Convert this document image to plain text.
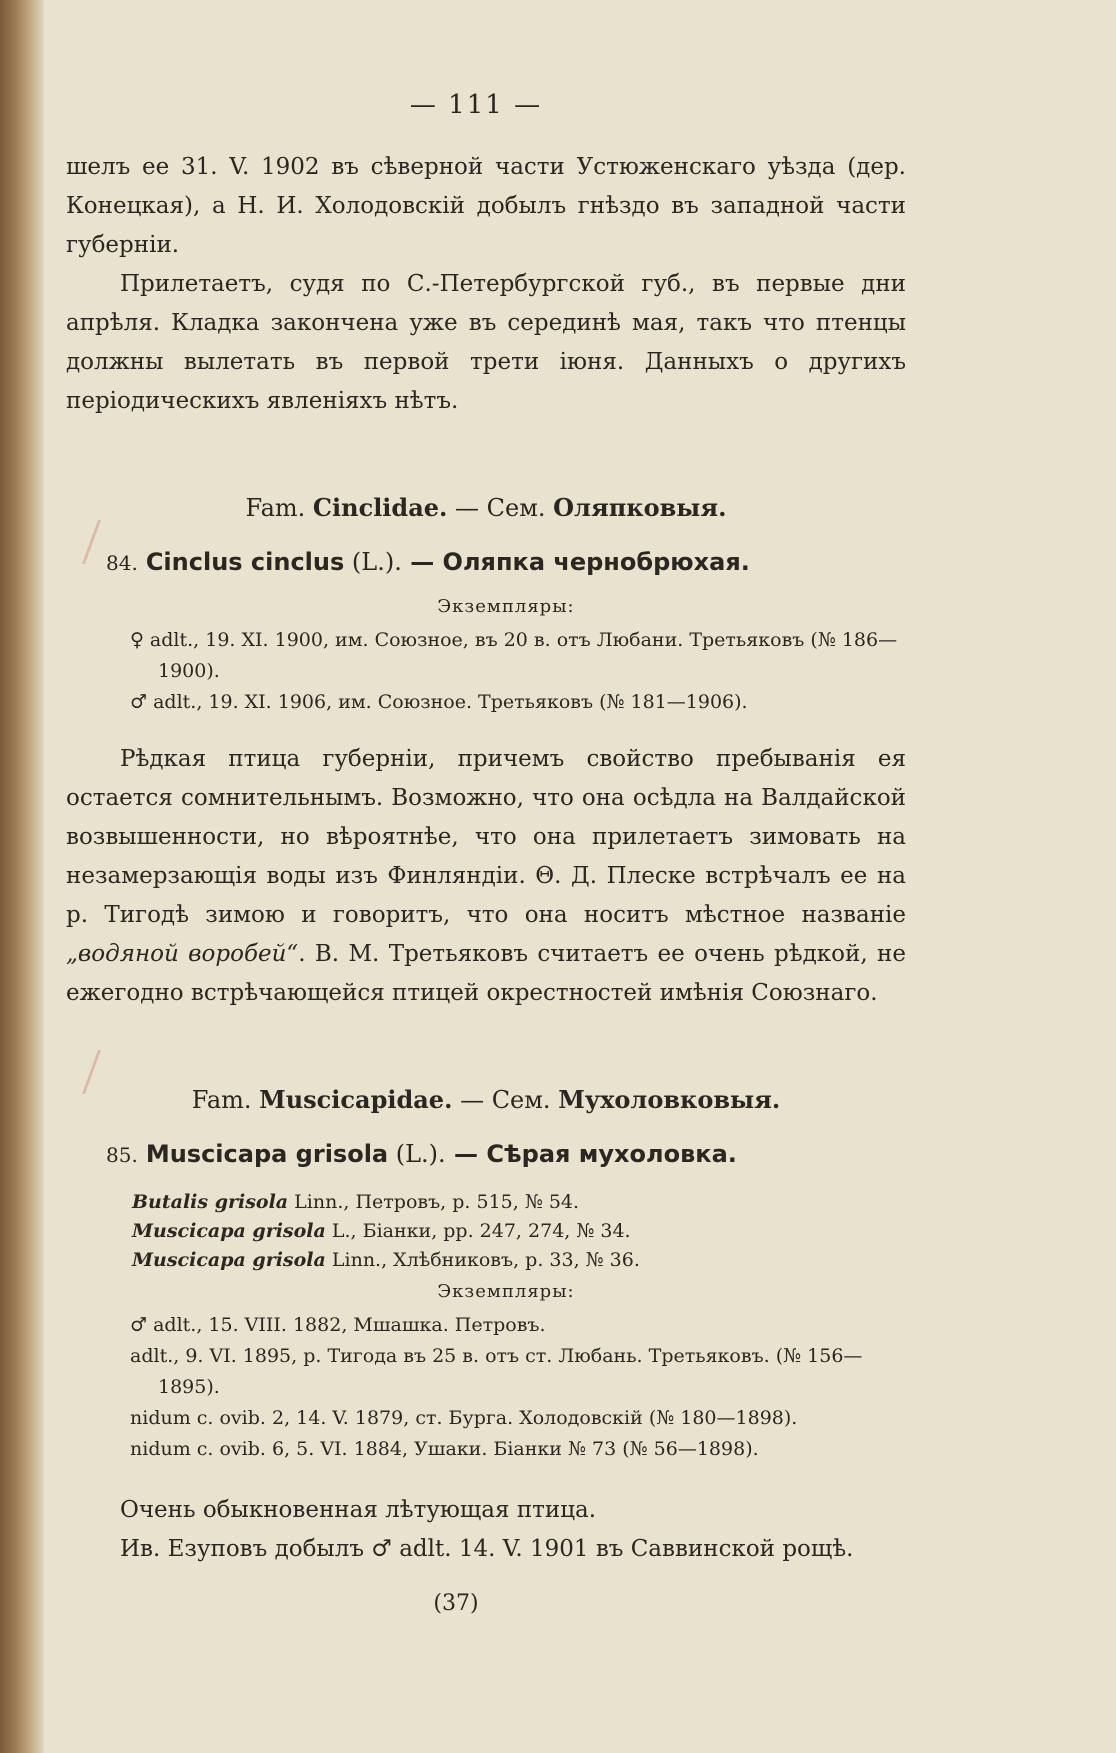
— 111 —

шелъ ее 31. V. 1902 въ сѣверной части Устюженскаго уѣзда (дер. Конецкая), а Н. И. Холодовскій добылъ гнѣздо въ западной части губерніи.

Прилетаетъ, судя по С.-Петербургской губ., въ первые дни апрѣля. Кладка закончена уже въ серединѣ мая, такъ что птенцы должны вылетать въ первой трети іюня. Данныхъ о другихъ періодическихъ явленіяхъ нѣтъ.

Fam. Cinclidae. — Сем. Оляпковыя.
84. Cinclus cinclus (L.). — Оляпка чернобрюхая.
Экземпляры:
♀ adlt., 19. XI. 1900, им. Союзное, въ 20 в. отъ Любани. Третьяковъ (№ 186—1900).
♂ adlt., 19. XI. 1906, им. Союзное. Третьяковъ (№ 181—1906).

Рѣдкая птица губерніи, причемъ свойство пребыванія ея остается сомнительнымъ. Возможно, что она осѣдла на Валдайской возвышенности, но вѣроятнѣе, что она прилетаетъ зимовать на незамерзающія воды изъ Финляндіи. Θ. Д. Плеске встрѣчалъ ее на р. Тигодѣ зимою и говоритъ, что она носитъ мѣстное названіе „водяной воробей“. В. М. Третьяковъ считаетъ ее очень рѣдкой, не ежегодно встрѣчающейся птицей окрестностей имѣнія Союзнаго.

Fam. Muscicapidae. — Сем. Мухоловковыя.
85. Muscicapa grisola (L.). — Сѣрая мухоловка.
Butalis grisola Linn., Петровъ, р. 515, № 54.
Muscicapa grisola L., Біанки, pp. 247, 274, № 34.
Muscicapa grisola Linn., Хлѣбниковъ, р. 33, № 36.
Экземпляры:
♂ adlt., 15. VIII. 1882, Мшашка. Петровъ.
adlt., 9. VI. 1895, р. Тигода въ 25 в. отъ ст. Любань. Третьяковъ. (№ 156—1895).
nidum c. ovib. 2, 14. V. 1879, ст. Бурга. Холодовскій (№ 180—1898).
nidum c. ovib. 6, 5. VI. 1884, Ушаки. Біанки № 73 (№ 56—1898).

Очень обыкновенная лѣтующая птица.

Ив. Езуповъ добылъ ♂ adlt. 14. V. 1901 въ Саввинской рощѣ.

(37)
